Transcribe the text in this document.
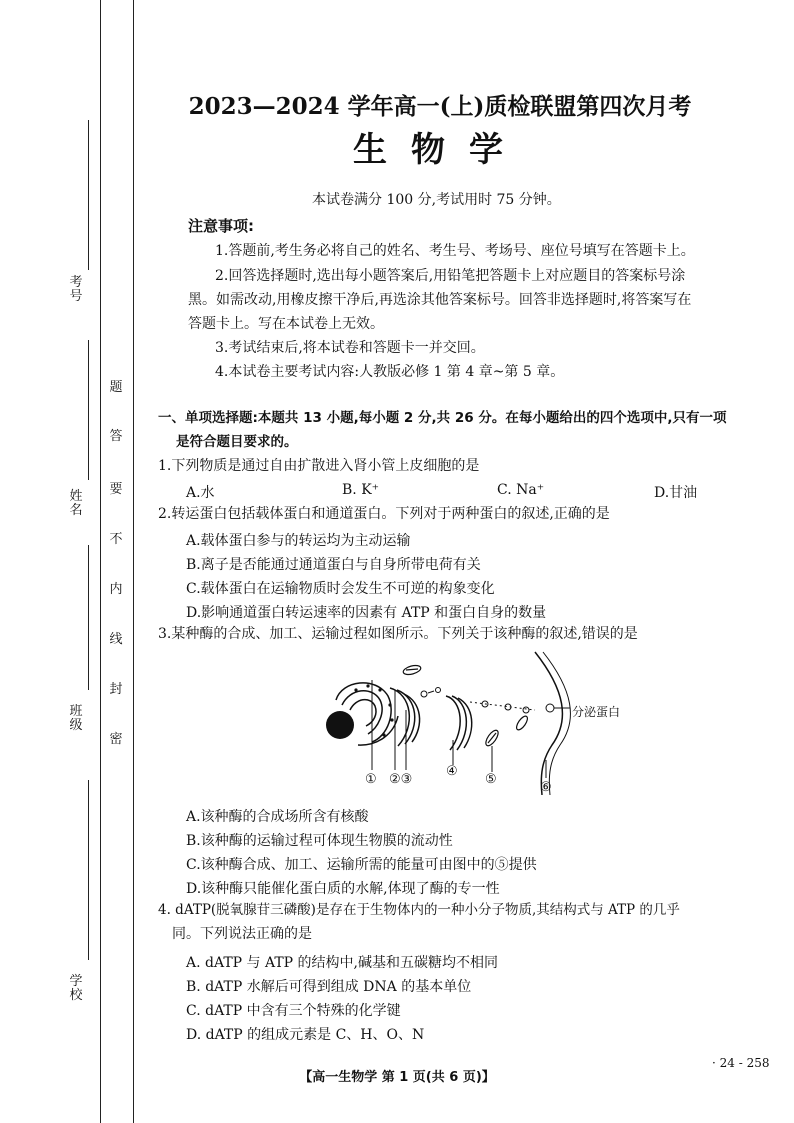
考号
姓名
班级
学校
题
答
要
不
内
线
封
密
2023—2024 学年高一(上)质检联盟第四次月考
生物学
本试卷满分 100 分,考试用时 75 分钟。
注意事项:
1.答题前,考生务必将自己的姓名、考生号、考场号、座位号填写在答题卡上。
2.回答选择题时,选出每小题答案后,用铅笔把答题卡上对应题目的答案标号涂
黑。如需改动,用橡皮擦干净后,再选涂其他答案标号。回答非选择题时,将答案写在
答题卡上。写在本试卷上无效。
3.考试结束后,将本试卷和答题卡一并交回。
4.本试卷主要考试内容:人教版必修 1 第 4 章~第 5 章。
一、单项选择题:本题共 13 小题,每小题 2 分,共 26 分。在每小题给出的四个选项中,只有一项
是符合题目要求的。
1.下列物质是通过自由扩散进入肾小管上皮细胞的是
A.水	B. K⁺	C. Na⁺	D.甘油
2.转运蛋白包括载体蛋白和通道蛋白。下列对于两种蛋白的叙述,正确的是
A.载体蛋白参与的转运均为主动运输
B.离子是否能通过通道蛋白与自身所带电荷有关
C.载体蛋白在运输物质时会发生不可逆的构象变化
D.影响通道蛋白转运速率的因素有 ATP 和蛋白自身的数量
3.某种酶的合成、加工、运输过程如图所示。下列关于该种酶的叙述,错误的是
① ②③
④
⑤
⑥
分泌蛋白
A.该种酶的合成场所含有核酸
B.该种酶的运输过程可体现生物膜的流动性
C.该种酶合成、加工、运输所需的能量可由图中的⑤提供
D.该种酶只能催化蛋白质的水解,体现了酶的专一性
4. dATP(脱氧腺苷三磷酸)是存在于生物体内的一种小分子物质,其结构式与 ATP 的几乎
同。下列说法正确的是
A. dATP 与 ATP 的结构中,碱基和五碳糖均不相同
B. dATP 水解后可得到组成 DNA 的基本单位
C. dATP 中含有三个特殊的化学键
D. dATP 的组成元素是 C、H、O、N
【高一生物学 第 1 页(共 6 页)】
· 24 - 258
